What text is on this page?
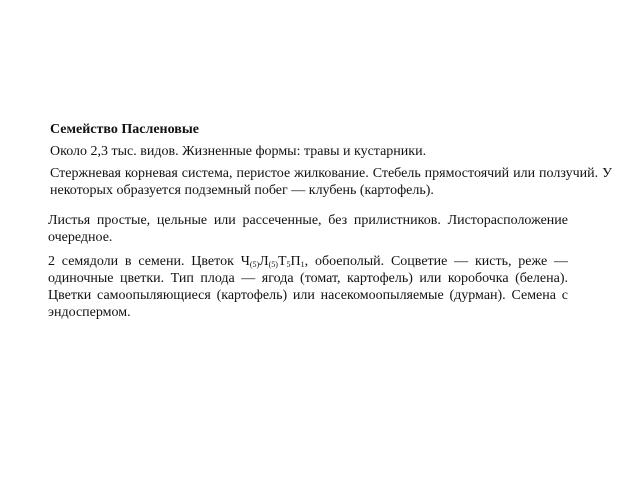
Семейство Пасленовые
Около 2,3 тыс. видов. Жизненные формы: травы и кустарники.
Стержневая корневая система, перистое жилкование. Стебель прямостоячий или ползучий. У некоторых образуется подземный побег — клубень (картофель).
Листья простые, цельные или рассеченные, без прилистников. Листорасположение очередное.
2 семядоли в семени. Цветок $Ч_{(5)}Л_{(5)}Т_5П_1$, обоеполый. Соцветие — кисть, реже — одиночные цветки. Тип плода — ягода (томат, картофель) или коробочка (белена). Цветки самоопыляющиеся (картофель) или насекомоопыляемые (дурман). Семена с эндоспермом.
